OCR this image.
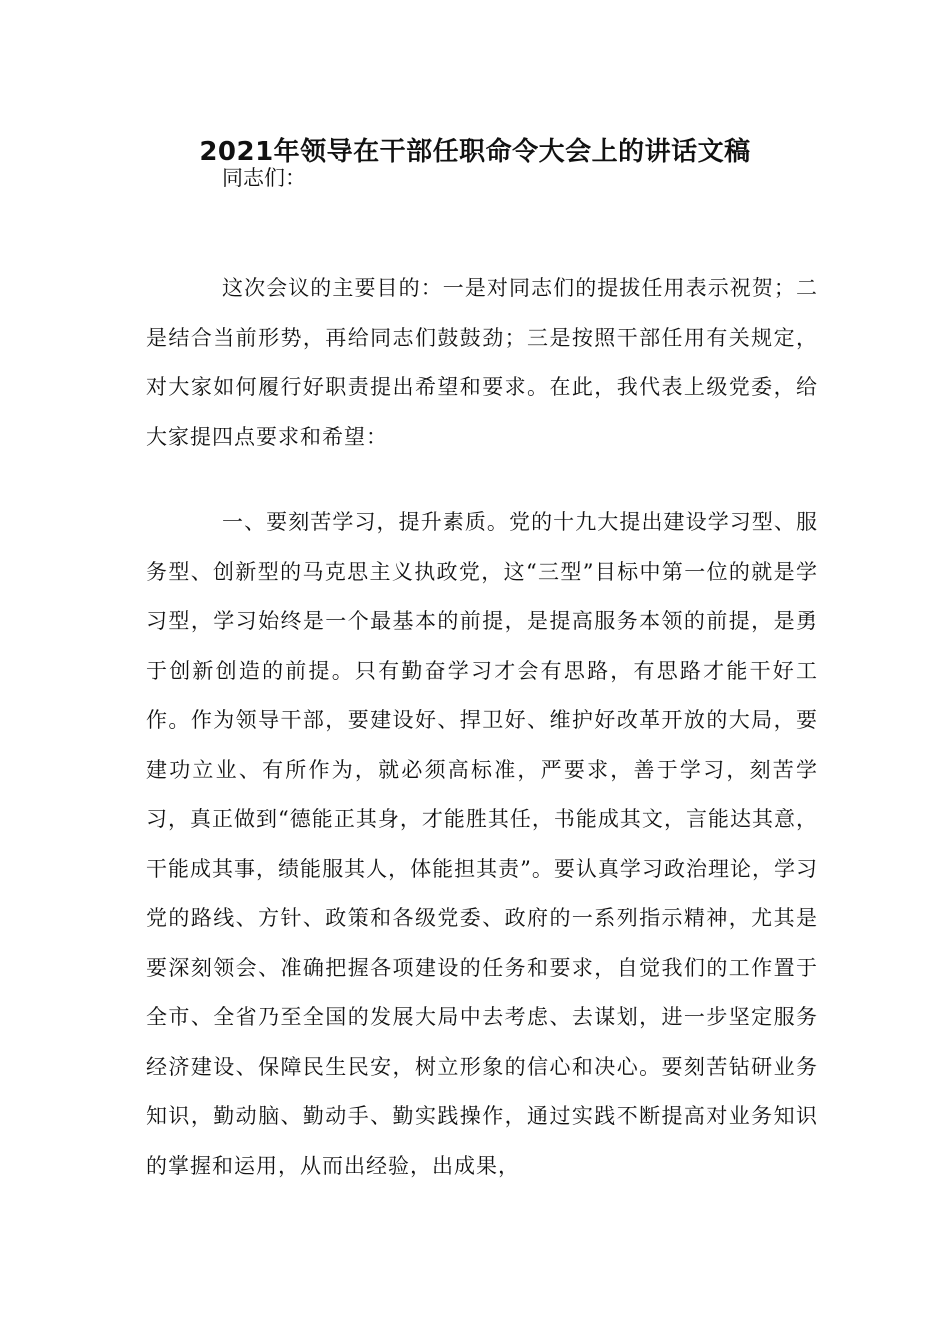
2021年领导在干部任职命令大会上的讲话文稿

同志们：

这次会议的主要目的：一是对同志们的提拔任用表示祝贺；二是结合当前形势，再给同志们鼓鼓劲；三是按照干部任用有关规定，对大家如何履行好职责提出希望和要求。在此，我代表上级党委，给大家提四点要求和希望：

一、要刻苦学习，提升素质。党的十九大提出建设学习型、服务型、创新型的马克思主义执政党，这“三型”目标中第一位的就是学习型，学习始终是一个最基本的前提，是提高服务本领的前提，是勇于创新创造的前提。只有勤奋学习才会有思路，有思路才能干好工作。作为领导干部，要建设好、捍卫好、维护好改革开放的大局，要建功立业、有所作为，就必须高标准，严要求，善于学习，刻苦学习，真正做到“德能正其身，才能胜其任，书能成其文，言能达其意，干能成其事，绩能服其人，体能担其责”。要认真学习政治理论，学习党的路线、方针、政策和各级党委、政府的一系列指示精神，尤其是要深刻领会、准确把握各项建设的任务和要求，自觉我们的工作置于全市、全省乃至全国的发展大局中去考虑、去谋划，进一步坚定服务经济建设、保障民生民安，树立形象的信心和决心。要刻苦钻研业务知识，勤动脑、勤动手、勤实践操作，通过实践不断提高对业务知识的掌握和运用，从而出经验，出成果，
